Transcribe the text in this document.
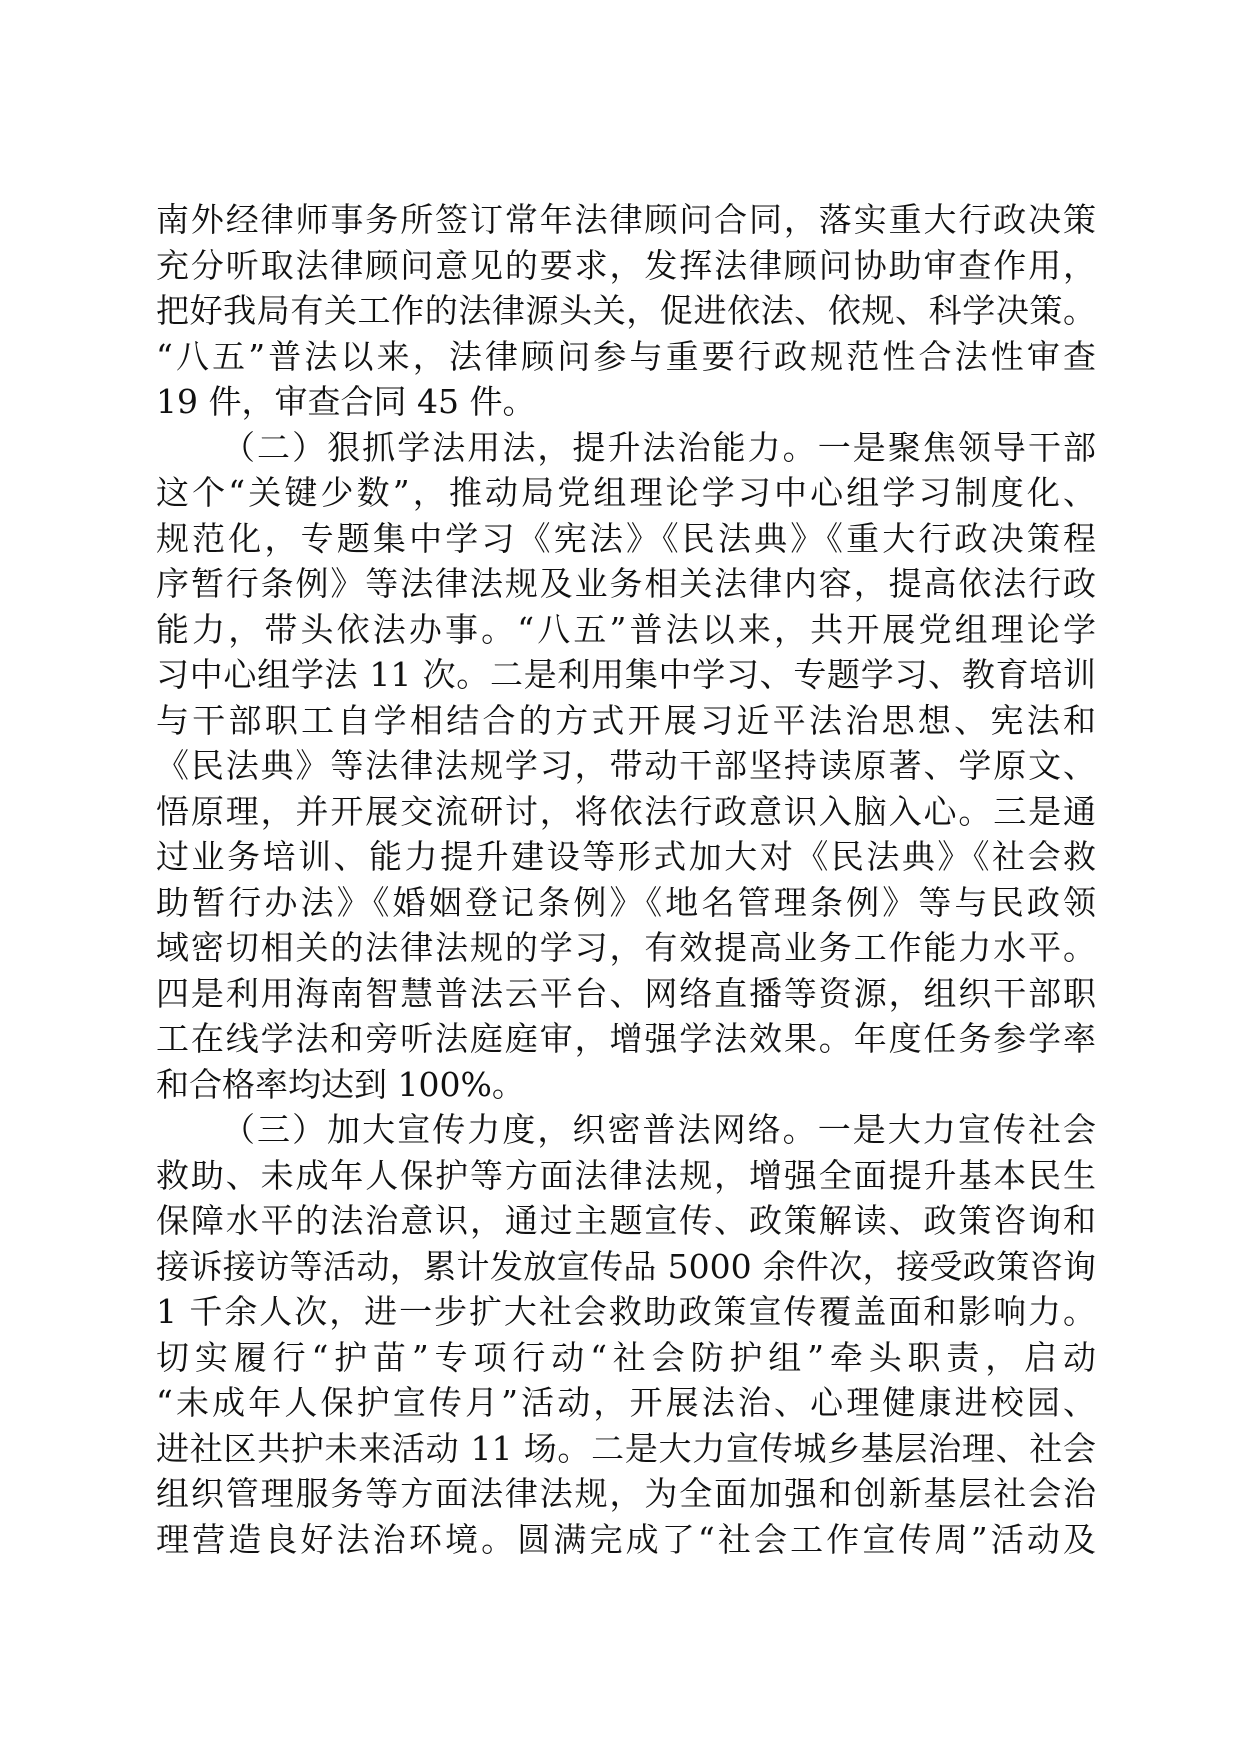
南外经律师事务所签订常年法律顾问合同，落实重大行政决策
充分听取法律顾问意见的要求，发挥法律顾问协助审查作用，
把好我局有关工作的法律源头关，促进依法、依规、科学决策。
“八五”普法以来，法律顾问参与重要行政规范性合法性审查
19 件，审查合同 45 件。
（二）狠抓学法用法，提升法治能力。一是聚焦领导干部
这个“关键少数”，推动局党组理论学习中心组学习制度化、
规范化，专题集中学习《宪法》《民法典》《重大行政决策程
序暂行条例》等法律法规及业务相关法律内容，提高依法行政
能力，带头依法办事。“八五”普法以来，共开展党组理论学
习中心组学法 11 次。二是利用集中学习、专题学习、教育培训
与干部职工自学相结合的方式开展习近平法治思想、宪法和
《民法典》等法律法规学习，带动干部坚持读原著、学原文、
悟原理，并开展交流研讨，将依法行政意识入脑入心。三是通
过业务培训、能力提升建设等形式加大对《民法典》《社会救
助暂行办法》《婚姻登记条例》《地名管理条例》等与民政领
域密切相关的法律法规的学习，有效提高业务工作能力水平。
四是利用海南智慧普法云平台、网络直播等资源，组织干部职
工在线学法和旁听法庭庭审，增强学法效果。年度任务参学率
和合格率均达到 100%。
（三）加大宣传力度，织密普法网络。一是大力宣传社会
救助、未成年人保护等方面法律法规，增强全面提升基本民生
保障水平的法治意识，通过主题宣传、政策解读、政策咨询和
接诉接访等活动，累计发放宣传品 5000 余件次，接受政策咨询
1 千余人次，进一步扩大社会救助政策宣传覆盖面和影响力。
切实履行“护苗”专项行动“社会防护组”牵头职责，启动
“未成年人保护宣传月”活动，开展法治、心理健康进校园、
进社区共护未来活动 11 场。二是大力宣传城乡基层治理、社会
组织管理服务等方面法律法规，为全面加强和创新基层社会治
理营造良好法治环境。圆满完成了“社会工作宣传周”活动及
